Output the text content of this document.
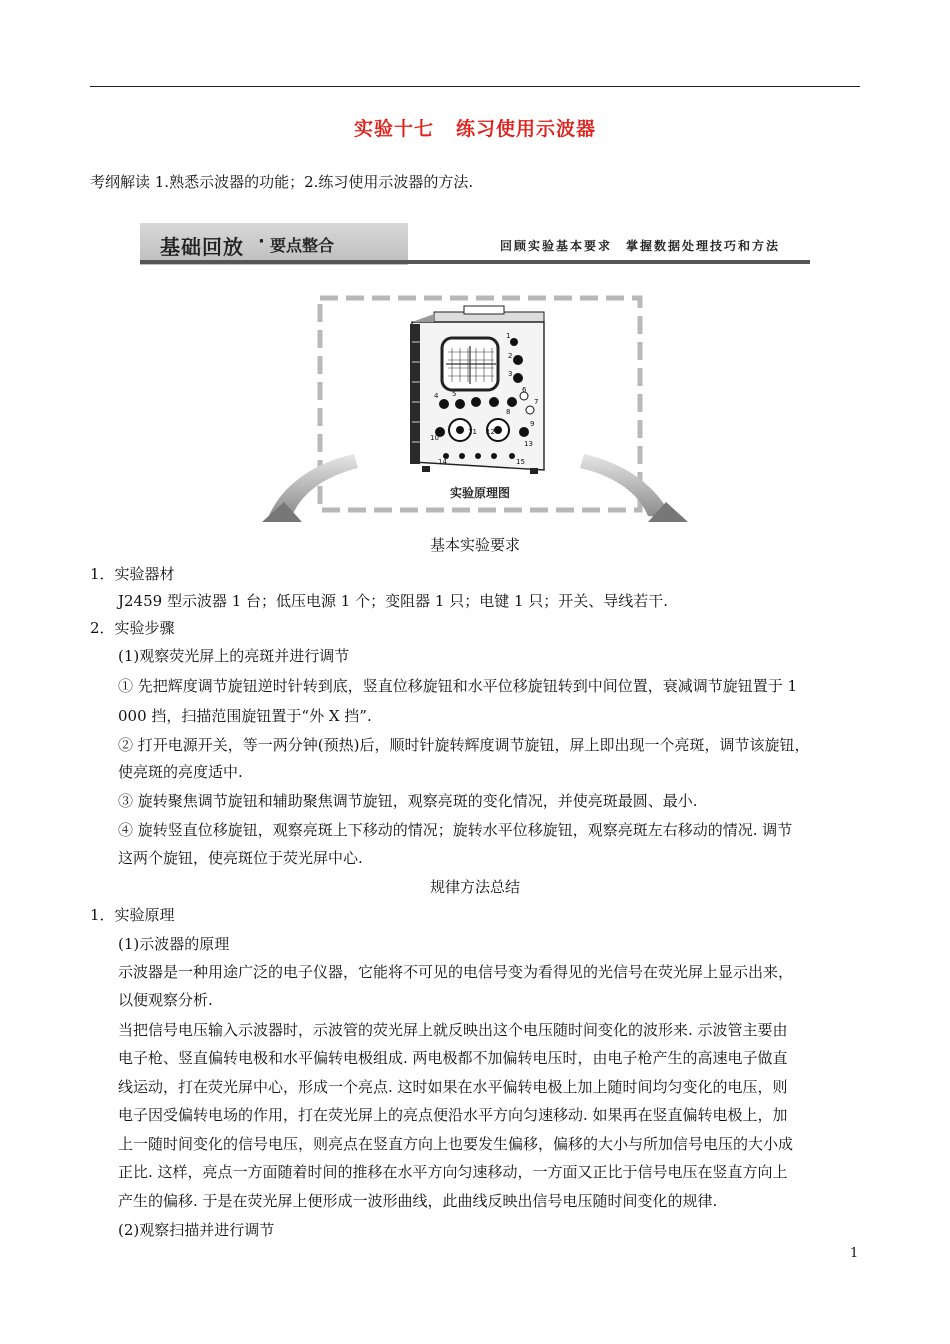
实验十七 练习使用示波器
考纲解读 1.熟悉示波器的功能；2.练习使用示波器的方法.
基础回放 · 要点整合	回顾实验基本要求　掌握数据处理技巧和方法
1
2
3
4 5	6
7
8
9
10
11 12
13
14	15
实验原理图
基本实验要求
1．实验器材
J2459 型示波器 1 台；低压电源 1 个；变阻器 1 只；电键 1 只；开关、导线若干.
2．实验步骤
(1)观察荧光屏上的亮斑并进行调节
① 先把辉度调节旋钮逆时针转到底，竖直位移旋钮和水平位移旋钮转到中间位置，衰减调节旋钮置于 1
000 挡，扫描范围旋钮置于“外 X 挡”.
② 打开电源开关，等一两分钟(预热)后，顺时针旋转辉度调节旋钮，屏上即出现一个亮斑，调节该旋钮，
使亮斑的亮度适中.
③ 旋转聚焦调节旋钮和辅助聚焦调节旋钮，观察亮斑的变化情况，并使亮斑最圆、最小.
④ 旋转竖直位移旋钮，观察亮斑上下移动的情况；旋转水平位移旋钮，观察亮斑左右移动的情况. 调节
这两个旋钮，使亮斑位于荧光屏中心.
规律方法总结
1．实验原理
(1)示波器的原理
示波器是一种用途广泛的电子仪器，它能将不可见的电信号变为看得见的光信号在荧光屏上显示出来，
以便观察分析.
当把信号电压输入示波器时，示波管的荧光屏上就反映出这个电压随时间变化的波形来. 示波管主要由
电子枪、竖直偏转电极和水平偏转电极组成. 两电极都不加偏转电压时，由电子枪产生的高速电子做直
线运动，打在荧光屏中心，形成一个亮点. 这时如果在水平偏转电极上加上随时间均匀变化的电压，则
电子因受偏转电场的作用，打在荧光屏上的亮点便沿水平方向匀速移动. 如果再在竖直偏转电极上，加
上一随时间变化的信号电压，则亮点在竖直方向上也要发生偏移，偏移的大小与所加信号电压的大小成
正比. 这样，亮点一方面随着时间的推移在水平方向匀速移动，一方面又正比于信号电压在竖直方向上
产生的偏移. 于是在荧光屏上便形成一波形曲线，此曲线反映出信号电压随时间变化的规律.
(2)观察扫描并进行调节
1
